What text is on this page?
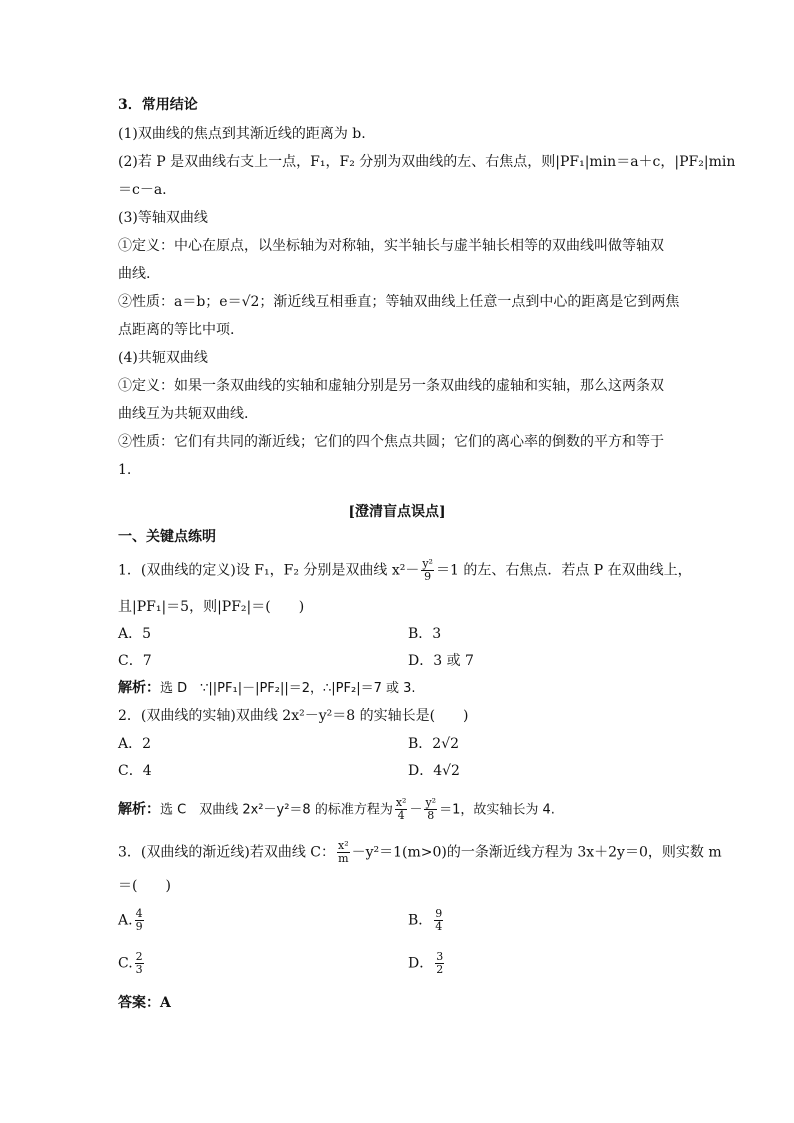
3．常用结论
(1)双曲线的焦点到其渐近线的距离为 b.
(2)若 P 是双曲线右支上一点，F₁，F₂ 分别为双曲线的左、右焦点，则|PF₁|min＝a＋c，|PF₂|min
＝c－a.
(3)等轴双曲线
①定义：中心在原点，以坐标轴为对称轴，实半轴长与虚半轴长相等的双曲线叫做等轴双
曲线.
②性质：a＝b；e＝√2；渐近线互相垂直；等轴双曲线上任意一点到中心的距离是它到两焦
点距离的等比中项.
(4)共轭双曲线
①定义：如果一条双曲线的实轴和虚轴分别是另一条双曲线的虚轴和实轴，那么这两条双
曲线互为共轭双曲线.
②性质：它们有共同的渐近线；它们的四个焦点共圆；它们的离心率的倒数的平方和等于
1.
[澄清盲点误点]
一、关键点练明
1．(双曲线的定义)设 F₁，F₂ 分别是双曲线 $x^2- \frac{\text{y²}}{9} =1$ 的左、右焦点．若点 P 在双曲线上，
且|PF₁|＝5，则|PF₂|＝(　　)
A．5	B．3
C．7	D．3 或 7
解析：选 D　∵||PF₁|－|PF₂||＝2，∴|PF₂|＝7 或 3.
2．(双曲线的实轴)双曲线 2x²－y²＝8 的实轴长是(　　)
A．2	B．2√2
C．4	D．4√2
解析：选 C　双曲线 2x²－y²＝8 的标准方程为 $\frac{\text{x²}}{4} - \frac{\text{y²}}{8} =1$，故实轴长为 4.
3．(双曲线的渐近线)若双曲线 C： $\frac{\text{x²}}{m} -y^2=1(m>0)$的一条渐近线方程为 3x＋2y＝0，则实数 m
＝(　　)
A. $\frac{4}{9}$	B． $\frac{9}{4}$
C. $\frac{2}{3}$	D． $\frac{3}{2}$
答案：A
